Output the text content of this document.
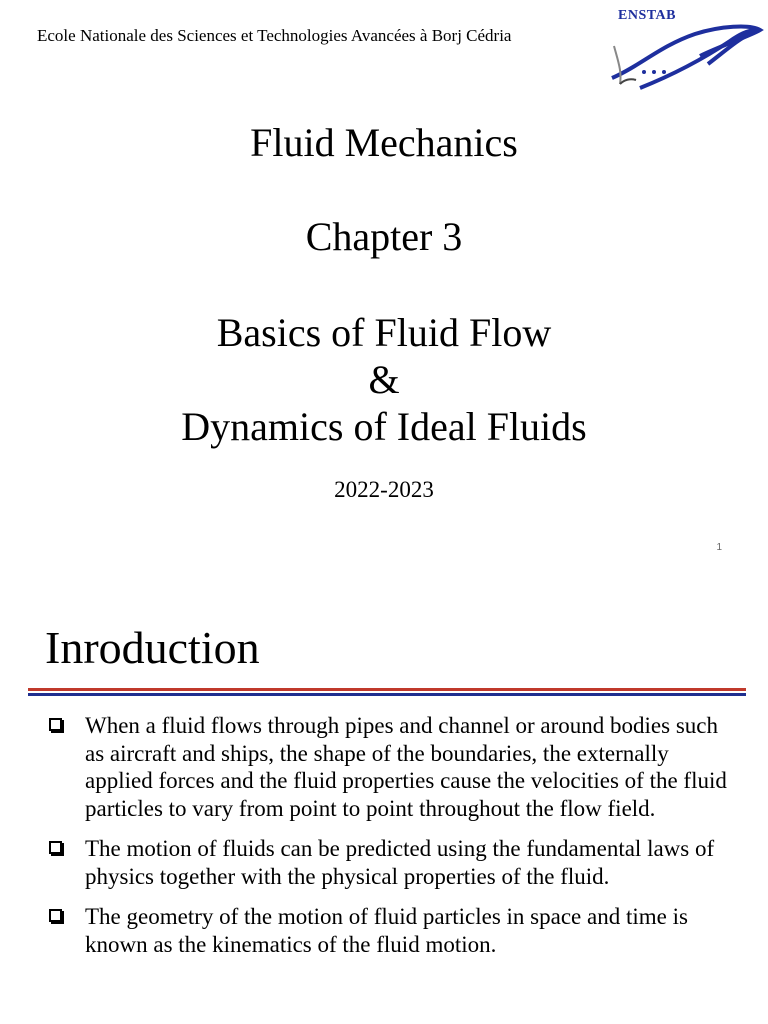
Ecole Nationale des Sciences et Technologies Avancées à Borj Cédria
ENSTAB
Fluid Mechanics
Chapter 3
Basics of Fluid Flow
&
Dynamics of Ideal Fluids
2022-2023
1
Inroduction
When a fluid flows through pipes and channel or around bodies such as aircraft and ships, the shape of the boundaries, the externally applied forces and the fluid properties cause the velocities of the fluid particles to vary from point to point throughout the flow field.
The motion of fluids can be predicted using the fundamental laws of physics together with the physical properties of the fluid.
The geometry of the motion of fluid particles in space and time is known as the kinematics of the fluid motion.
